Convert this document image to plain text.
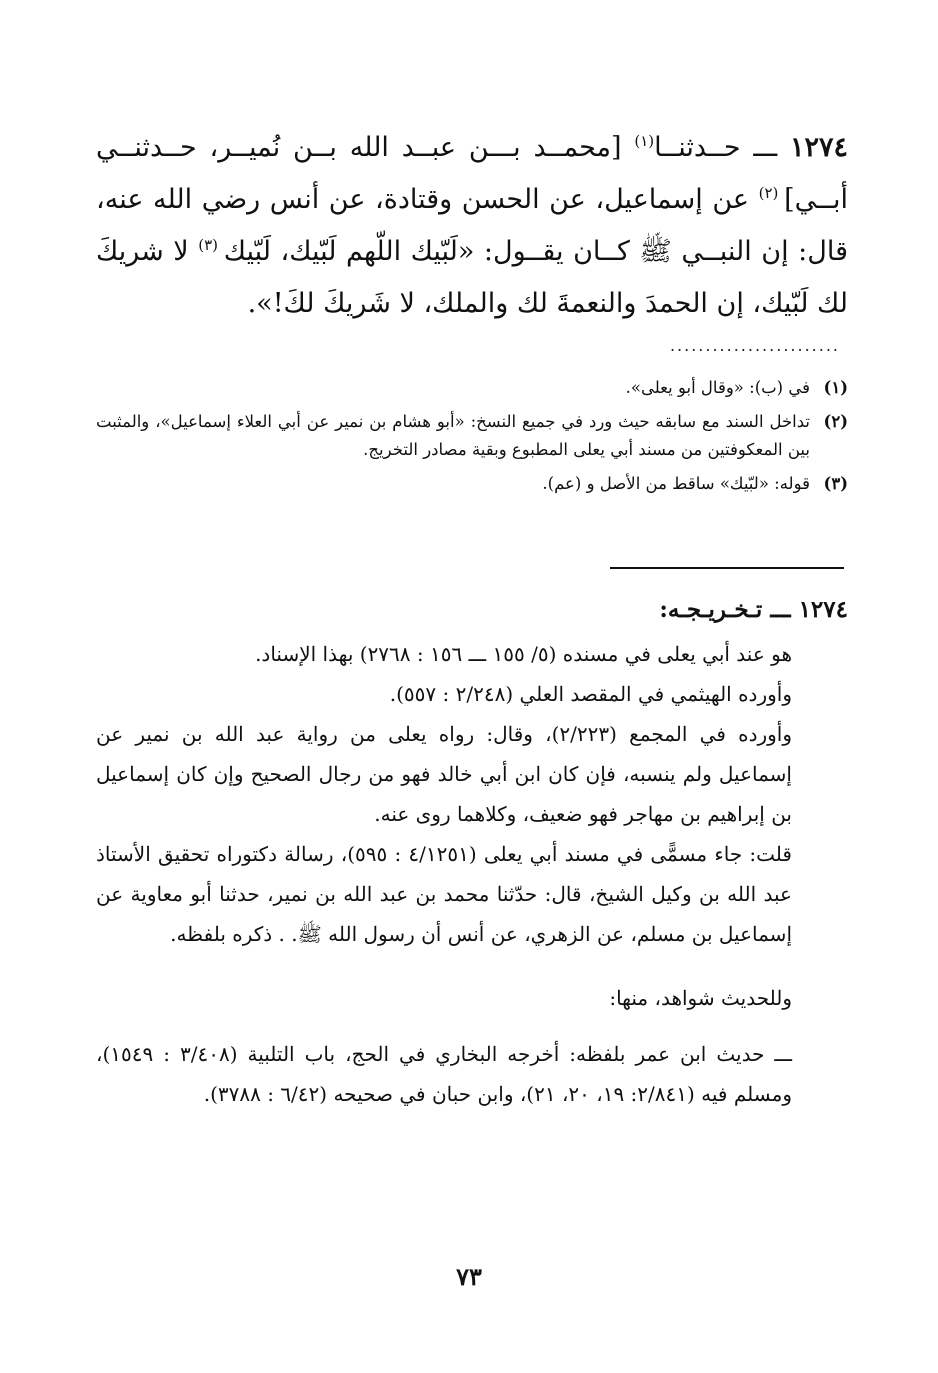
١٢٧٤ ـــ حــدثنــا$^{(١)}$ [محمــد بـــن عبــد الله بــن نُميــر، حــدثنــي أبــي] $^{(٢)}$ عن إسماعيل، عن الحسن وقتادة، عن أنس رضي الله عنه، قال: إن النبــي ﷺ كــان يقــول: «لَبّيك اللّهم لَبّيك، لَبّيك $^{(٣)}$ لا شريكَ لك لَبّيك، إن الحمدَ والنعمةَ لك والملك، لا شَريكَ لكَ!».
........................
(١)
في (ب): «وقال أبو يعلى».
(٢)
تداخل السند مع سابقه حيث ورد في جميع النسخ: «أبو هشام بن نمير عن أبي العلاء إسماعيل»، والمثبت بين المعكوفتين من مسند أبي يعلى المطبوع وبقية مصادر التخريج.
(٣)
قوله: «لبّيك» ساقط من الأصل و (عم).
١٢٧٤ ـــ تـخـريـجـه:

هو عند أبي يعلى في مسنده (٥/ ١٥٥ ـــ ١٥٦ : ٢٧٦٨) بهذا الإسناد.

وأورده الهيثمي في المقصد العلي (٢/٢٤٨ : ٥٥٧).

وأورده في المجمع (٢/٢٢٣)، وقال: رواه يعلى من رواية عبد الله بن نمير عن إسماعيل ولم ينسبه، فإن كان ابن أبي خالد فهو من رجال الصحيح وإن كان إسماعيل بن إبراهيم بن مهاجر فهو ضعيف، وكلاهما روى عنه.

قلت: جاء مسمًّى في مسند أبي يعلى (٤/١٢٥١ : ٥٩٥)، رسالة دكتوراه تحقيق الأستاذ عبد الله بن وكيل الشيخ، قال: حدّثنا محمد بن عبد الله بن نمير، حدثنا أبو معاوية عن إسماعيل بن مسلم، عن الزهري، عن أنس أن رسول الله ﷺ. . ذكره بلفظه.

وللحديث شواهد، منها:

ـــ حديث ابن عمر بلفظه: أخرجه البخاري في الحج، باب التلبية (٣/٤٠٨ : ١٥٤٩)، ومسلم فيه (٢/٨٤١: ١٩، ٢٠، ٢١)، وابن حبان في صحيحه (٦/٤٢ : ٣٧٨٨).

٧٣
